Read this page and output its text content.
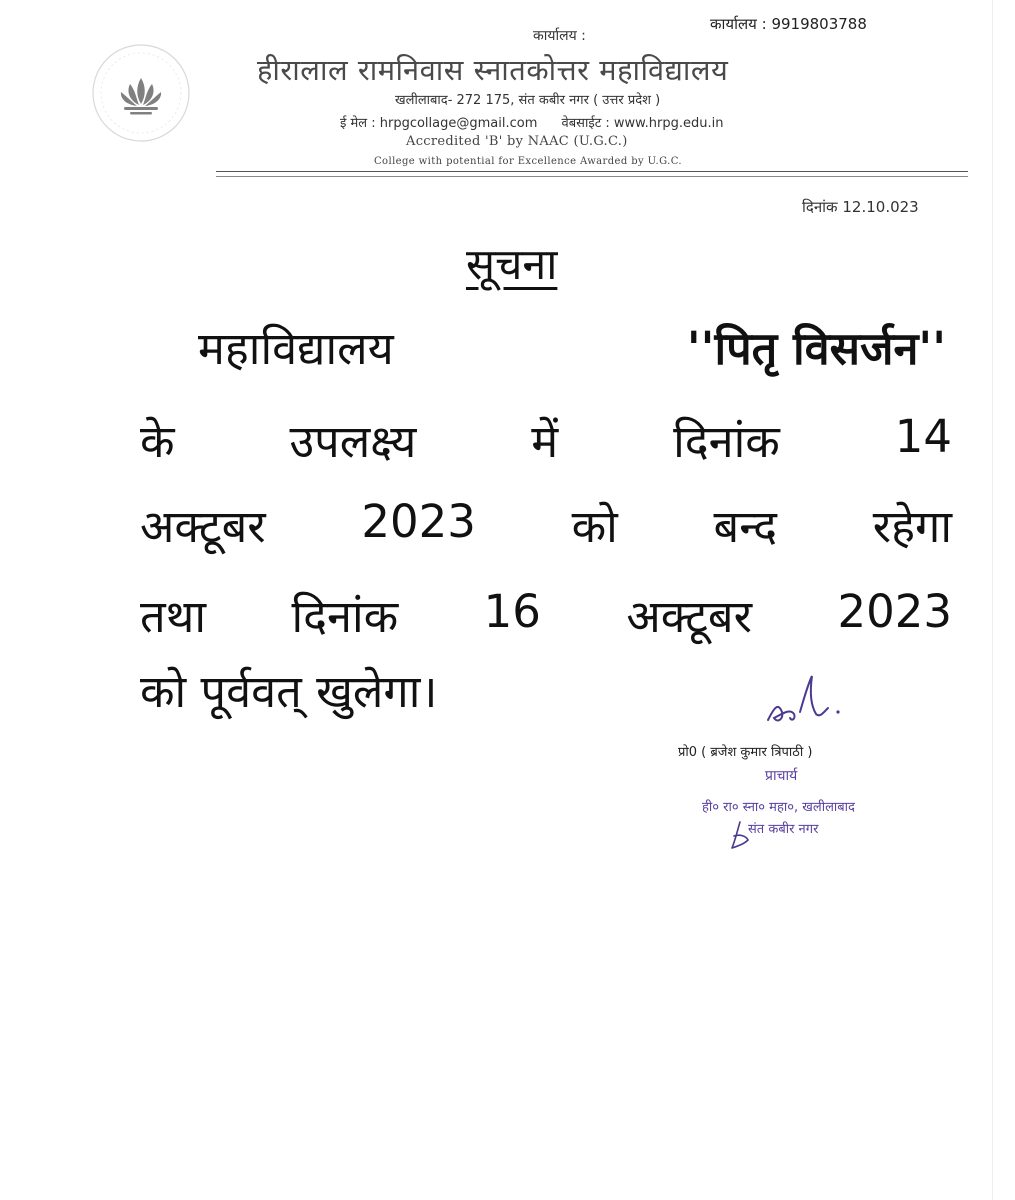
कार्यालय :
कार्यालय : 9919803788
हीरालाल रामनिवास स्नातकोत्तर महाविद्यालय
खलीलाबाद- 272 175, संत कबीर नगर ( उत्तर प्रदेश )
ई मेल : hrpgcollage@gmail.com वेबसाईट : www.hrpg.edu.in
Accredited 'B' by NAAC (U.G.C.)
College with potential for Excellence Awarded by U.G.C.
दिनांक 12.10.023
सूचना
महाविद्यालय	''पितृ विसर्जन''
के	उपलक्ष्य	में	दिनांक	14
अक्टूबर 2023 को बन्द रहेगा
तथा दिनांक 16 अक्टूबर 2023
को पूर्ववत् खुलेगा।
प्रो0 ( ब्रजेश कुमार त्रिपाठी )
प्राचार्य
ही० रा० स्ना० महा०, खलीलाबाद
संत कबीर नगर
